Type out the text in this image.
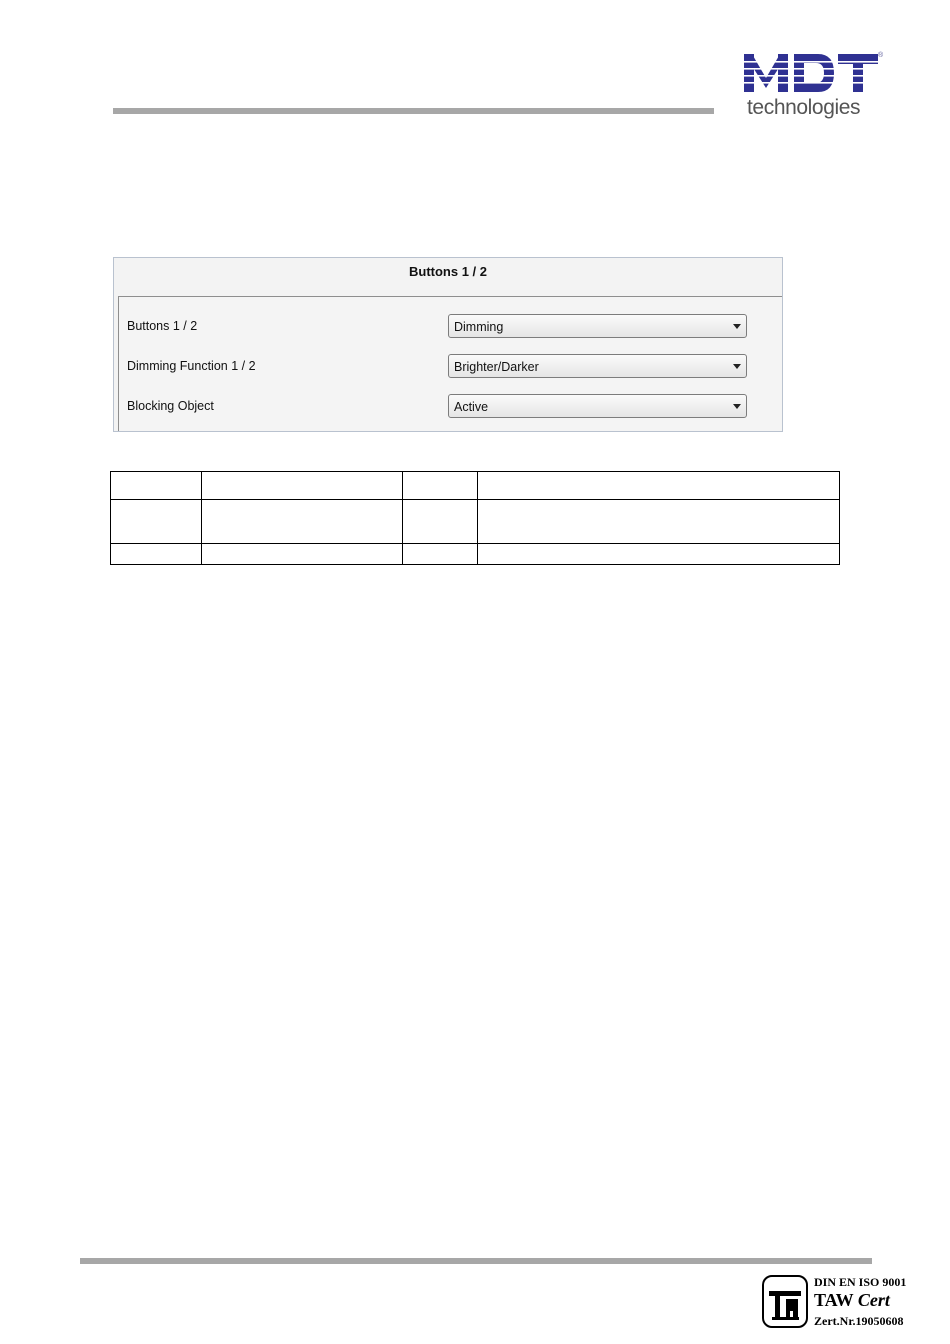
®
technologies
Buttons 1 / 2
Buttons 1 / 2	Dimming
Dimming Function 1 / 2	Brighter/Darker
Blocking Object	Active

DIN EN ISO 9001
TAW Cert
Zert.Nr.19050608
